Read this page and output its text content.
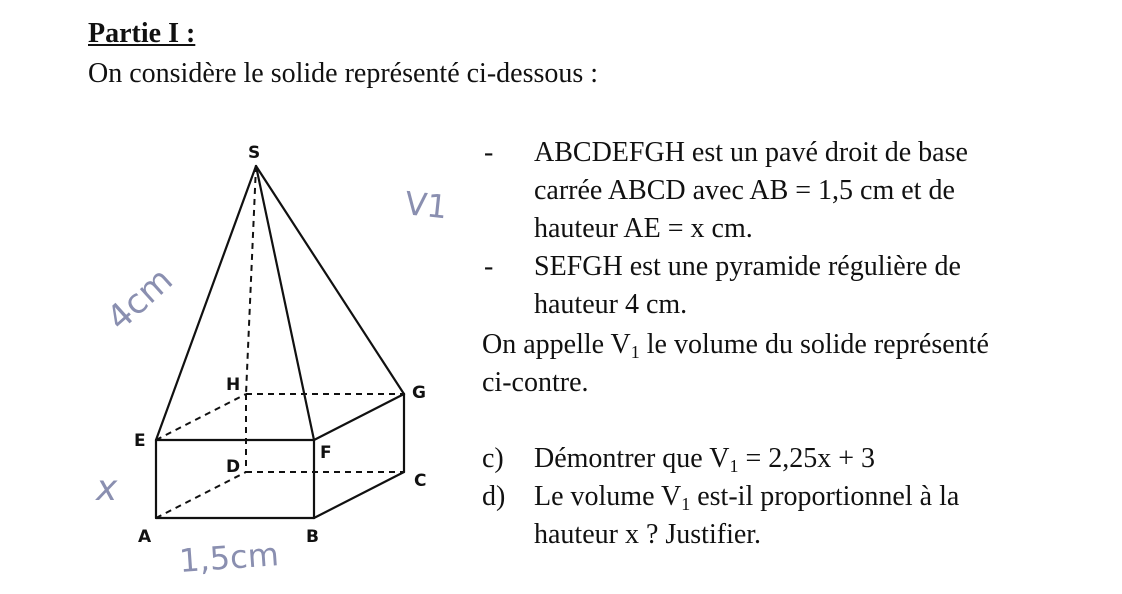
Partie I :
On considère le solide représenté ci-dessous :
S
H	G
E
F
D
C
A	B
V1
4cm
x
1,5cm
- ABCDEFGH est un pavé droit de base
carrée ABCD avec AB = 1,5 cm et de
hauteur AE = x cm.
- SEFGH est une pyramide régulière de
hauteur 4 cm.
On appelle $V_1$ le volume du solide représenté
ci-contre.
c) Démontrer que $V_1 = 2,25x + 3$
d) Le volume $V_1$ est-il proportionnel à la
hauteur x ? Justifier.
